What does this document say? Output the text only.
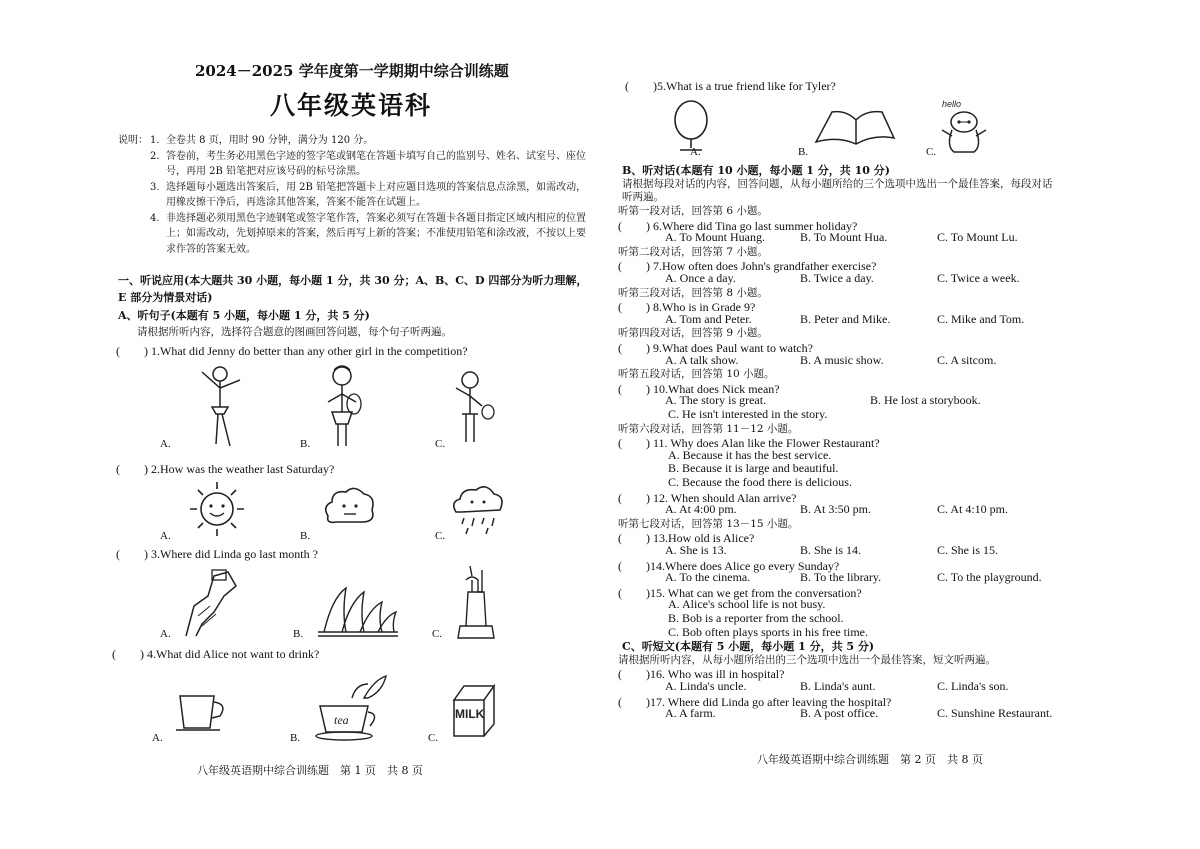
2024－2025 学年度第一学期期中综合训练题
八年级英语科
说明： 1. 全卷共 8 页，用时 90 分钟，满分为 120 分。
2. 答卷前，考生务必用黑色字迹的签字笔或钢笔在答题卡填写自己的监别号、姓名、试室号、座位号，再用 2B 铅笔把对应该号码的标号涂黑。
3. 选择题每小题选出答案后，用 2B 铅笔把答题卡上对应题目选项的答案信息点涂黑，如需改动，用橡皮擦干净后，再选涂其他答案，答案不能答在试题上。
4. 非选择题必须用黑色字迹钢笔或签字笔作答，答案必须写在答题卡各题目指定区域内相应的位置上；如需改动，先划掉原来的答案，然后再写上新的答案；不准使用铅笔和涂改液，不按以上要求作答的答案无效。
一、听说应用(本大题共 30 小题，每小题 1 分，共 30 分；A、B、C、D 四部分为听力理解，E 部分为情景对话)
A、听句子(本题有 5 小题，每小题 1 分，共 5 分)
请根据所听内容，选择符合题意的图画回答问题，每个句子听两遍。
(　　) 1.What did Jenny do better than any other girl in the competition?
A.	B.	C.
(　　) 2.How was the weather last Saturday?
A.	B.	C.
(　　) 3.Where did Linda go last month ?
A.	B.	C.
(　　) 4.What did Alice not want to drink?
A.	B.	C.
tea	MILK
八年级英语期中综合训练题　第 1 页　共 8 页
(　　)5.What is a true friend like for Tyler?
A.	B.
hello
C.
B、听对话(本题有 10 小题，每小题 1 分，共 10 分)
请根据每段对话的内容，回答问题，从每小题所给的三个选项中选出一个最佳答案，每段对话
听两遍。
听第一段对话，回答第 6 小题。
(　　) 6.Where did Tina go last summer holiday?
A. To Mount Huang.	B. To Mount Hua.	C. To Mount Lu.
听第二段对话，回答第 7 小题。
(　　) 7.How often does John's grandfather exercise?
A. Once a day.	B. Twice a day.	C. Twice a week.
听第三段对话，回答第 8 小题。
(　　) 8.Who is in Grade 9?
A. Tom and Peter.	B. Peter and Mike.	C. Mike and Tom.
听第四段对话，回答第 9 小题。
(　　) 9.What does Paul want to watch?
A. A talk show.	B. A music show.	C. A sitcom.
听第五段对话，回答第 10 小题。
(　　) 10.What does Nick mean?
A. The story is great.	B. He lost a storybook.
C. He isn't interested in the story.
听第六段对话，回答第 11－12 小题。
(　　) 11. Why does Alan like the Flower Restaurant?
A. Because it has the best service.
B. Because it is large and beautiful.
C. Because the food there is delicious.
(　　) 12. When should Alan arrive?
A. At 4:00 pm.	B. At 3:50 pm.	C. At 4:10 pm.
听第七段对话，回答第 13－15 小题。
(　　) 13.How old is Alice?
A. She is 13.	B. She is 14.	C. She is 15.
(　　)14.Where does Alice go every Sunday?
A. To the cinema.	B. To the library.	C. To the playground.
(　　)15. What can we get from the conversation?
A. Alice's school life is not busy.
B. Bob is a reporter from the school.
C. Bob often plays sports in his free time.
C、听短文(本题有 5 小题，每小题 1 分，共 5 分)
请根据所听内容，从每小题所给出的三个选项中选出一个最佳答案，短文听两遍。
(　　)16. Who was ill in hospital?
A. Linda's uncle.	B. Linda's aunt.	C. Linda's son.
(　　)17. Where did Linda go after leaving the hospital?
A. A farm.	B. A post office.	C. Sunshine Restaurant.
八年级英语期中综合训练题　第 2 页　共 8 页
